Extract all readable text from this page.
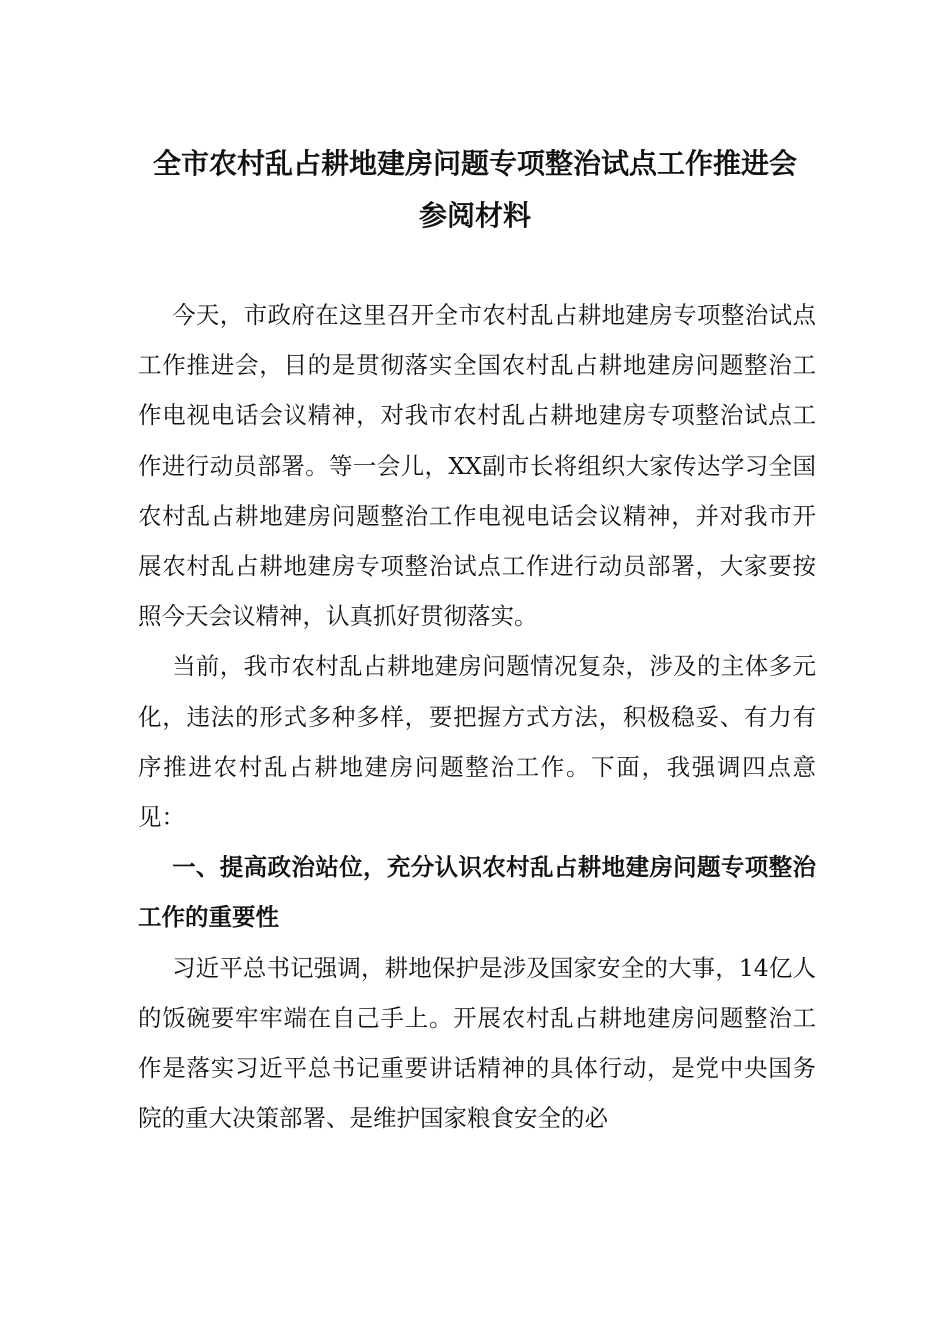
全市农村乱占耕地建房问题专项整治试点工作推进会
参阅材料

今天，市政府在这里召开全市农村乱占耕地建房专项整治试点工作推进会，目的是贯彻落实全国农村乱占耕地建房问题整治工作电视电话会议精神，对我市农村乱占耕地建房专项整治试点工作进行动员部署。等一会儿，XX副市长将组织大家传达学习全国农村乱占耕地建房问题整治工作电视电话会议精神，并对我市开展农村乱占耕地建房专项整治试点工作进行动员部署，大家要按照今天会议精神，认真抓好贯彻落实。

当前，我市农村乱占耕地建房问题情况复杂，涉及的主体多元化，违法的形式多种多样，要把握方式方法，积极稳妥、有力有序推进农村乱占耕地建房问题整治工作。下面，我强调四点意见：

一、提高政治站位，充分认识农村乱占耕地建房问题专项整治工作的重要性

习近平总书记强调，耕地保护是涉及国家安全的大事，14亿人的饭碗要牢牢端在自己手上。开展农村乱占耕地建房问题整治工作是落实习近平总书记重要讲话精神的具体行动，是党中央国务院的重大决策部署、是维护国家粮食安全的必
